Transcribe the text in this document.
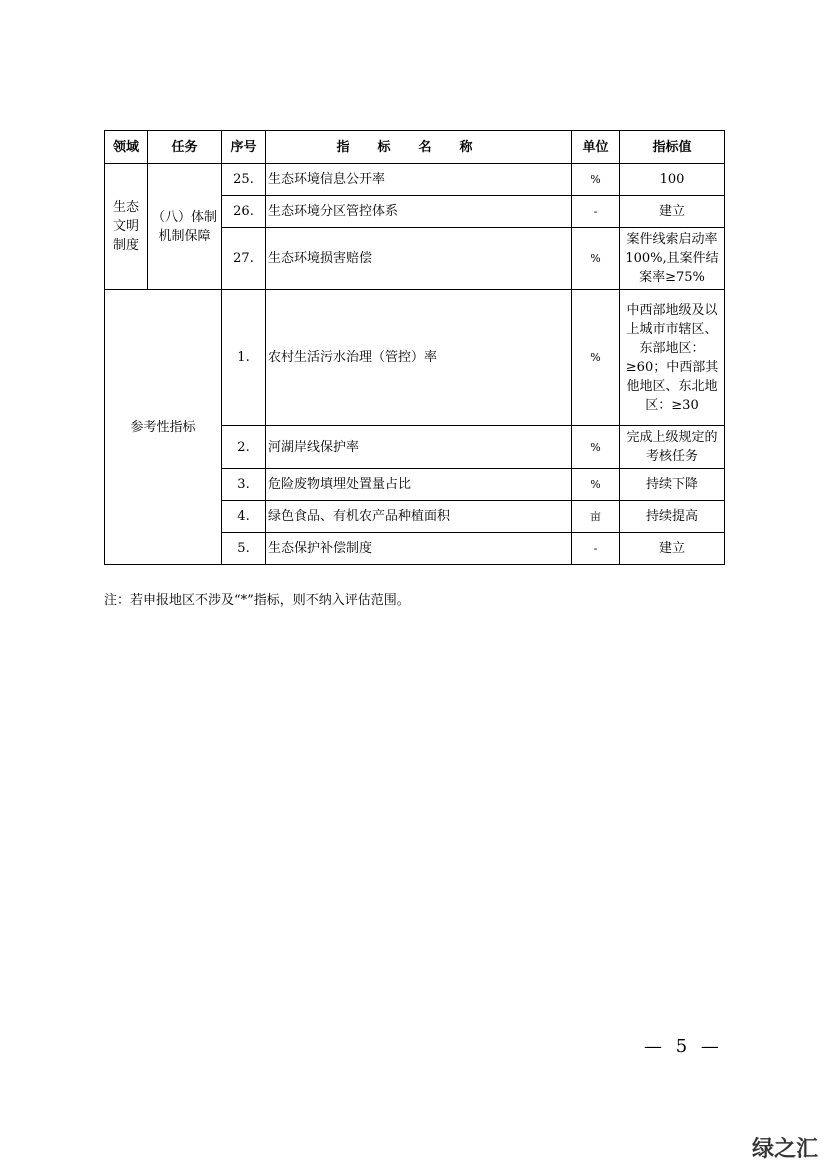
领域	任务	序号	指标名称	单位	指标值
生态文明制度	（八）体制机制保障	25.	生态环境信息公开率	%	100
		26.	生态环境分区管控体系	-	建立
		27.	生态环境损害赔偿	%	案件线索启动率100%,且案件结案率≥75%
参考性指标		1.	农村生活污水治理（管控）率	%	中西部地级及以上城市市辖区、东部地区：≥60；中西部其他地区、东北地区：≥30
		2.	河湖岸线保护率	%	完成上级规定的考核任务
		3.	危险废物填埋处置量占比	%	持续下降
		4.	绿色食品、有机农产品种植面积	亩	持续提高
		5.	生态保护补偿制度	-	建立
注：若申报地区不涉及“*”指标，则不纳入评估范围。
— 5 —
绿之汇
